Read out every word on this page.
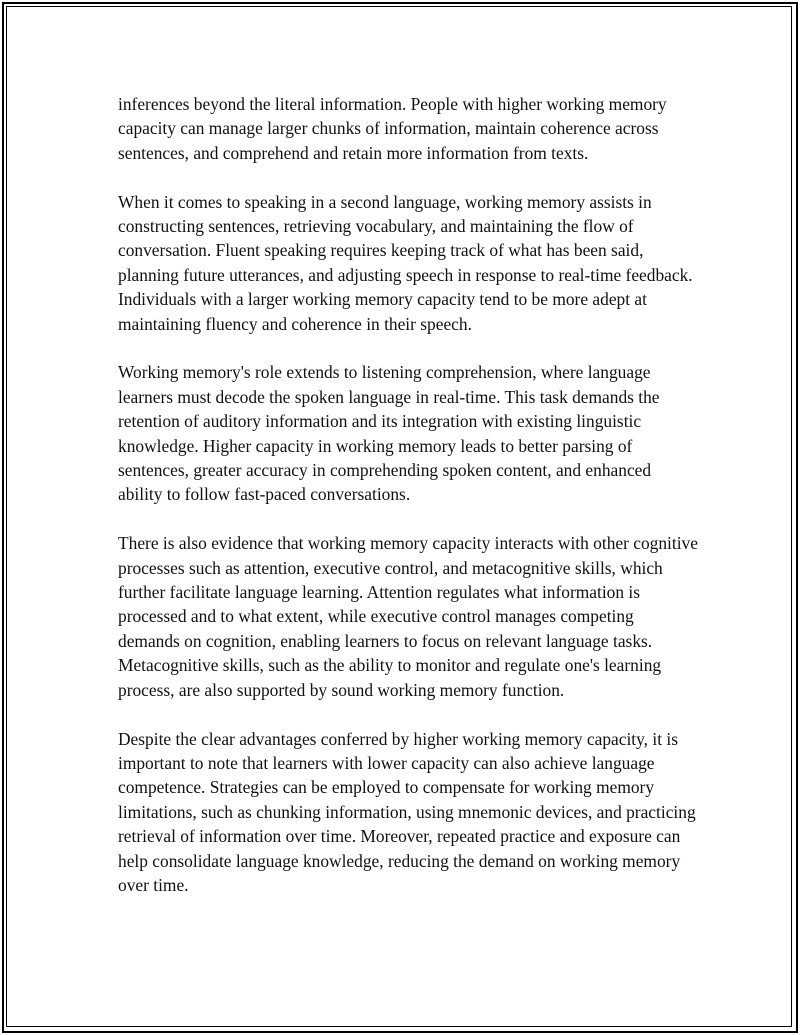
inferences beyond the literal information. People with higher working memory capacity can manage larger chunks of information, maintain coherence across sentences, and comprehend and retain more information from texts.

When it comes to speaking in a second language, working memory assists in constructing sentences, retrieving vocabulary, and maintaining the flow of conversation. Fluent speaking requires keeping track of what has been said, planning future utterances, and adjusting speech in response to real-time feedback. Individuals with a larger working memory capacity tend to be more adept at maintaining fluency and coherence in their speech.

Working memory's role extends to listening comprehension, where language learners must decode the spoken language in real-time. This task demands the retention of auditory information and its integration with existing linguistic knowledge. Higher capacity in working memory leads to better parsing of sentences, greater accuracy in comprehending spoken content, and enhanced ability to follow fast-paced conversations.

There is also evidence that working memory capacity interacts with other cognitive processes such as attention, executive control, and metacognitive skills, which further facilitate language learning. Attention regulates what information is processed and to what extent, while executive control manages competing demands on cognition, enabling learners to focus on relevant language tasks. Metacognitive skills, such as the ability to monitor and regulate one's learning process, are also supported by sound working memory function.

Despite the clear advantages conferred by higher working memory capacity, it is important to note that learners with lower capacity can also achieve language competence. Strategies can be employed to compensate for working memory limitations, such as chunking information, using mnemonic devices, and practicing retrieval of information over time. Moreover, repeated practice and exposure can help consolidate language knowledge, reducing the demand on working memory over time.
